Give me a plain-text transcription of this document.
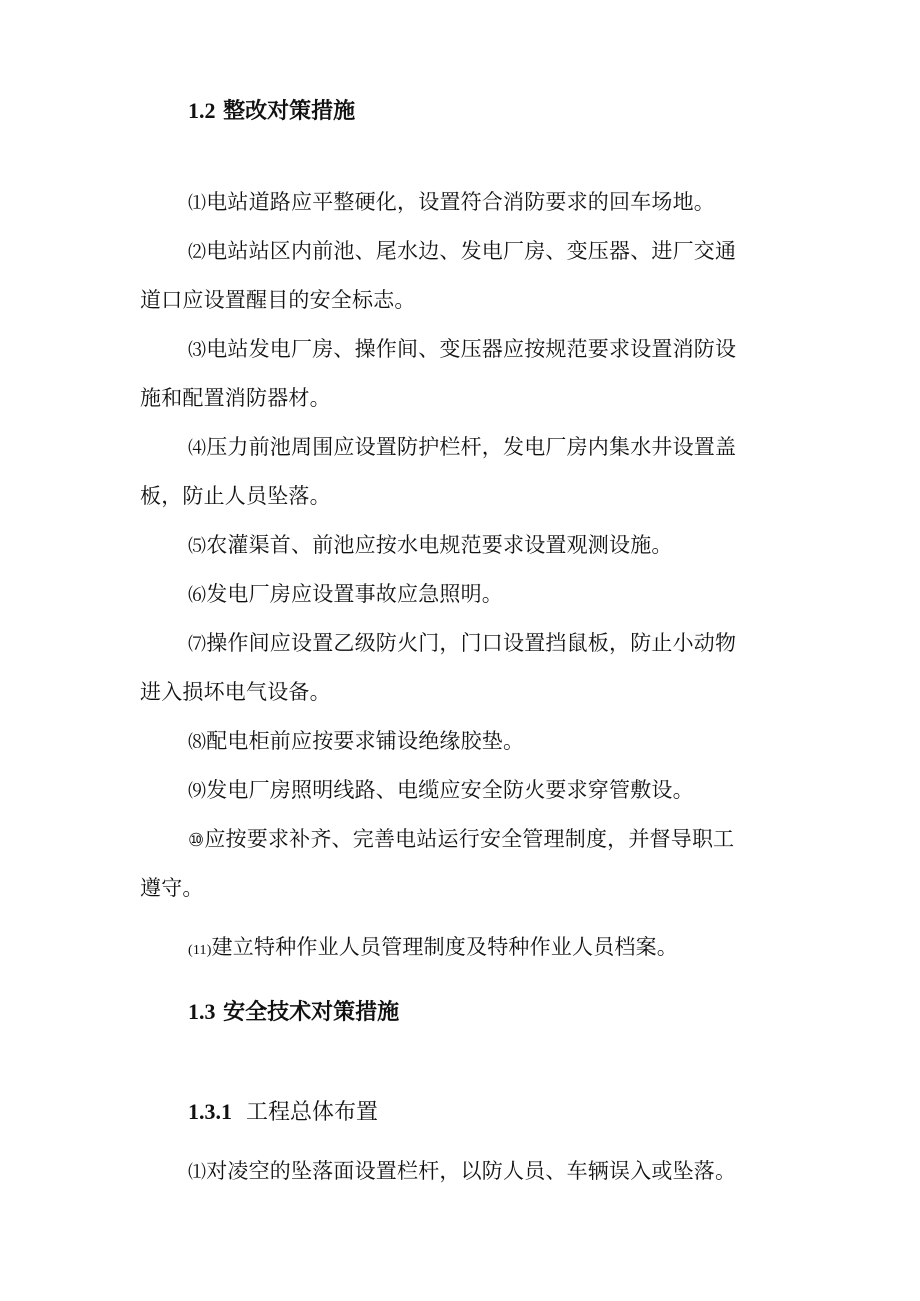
1.2 整改对策措施
⑴电站道路应平整硬化，设置符合消防要求的回车场地。
⑵电站站区内前池、尾水边、发电厂房、变压器、进厂交通
道口应设置醒目的安全标志。
⑶电站发电厂房、操作间、变压器应按规范要求设置消防设
施和配置消防器材。
⑷压力前池周围应设置防护栏杆，发电厂房内集水井设置盖
板，防止人员坠落。
⑸农灌渠首、前池应按水电规范要求设置观测设施。
⑹发电厂房应设置事故应急照明。
⑺操作间应设置乙级防火门，门口设置挡鼠板，防止小动物
进入损坏电气设备。
⑻配电柜前应按要求铺设绝缘胶垫。
⑼发电厂房照明线路、电缆应安全防火要求穿管敷设。
⑩应按要求补齐、完善电站运行安全管理制度，并督导职工
遵守。
(11)建立特种作业人员管理制度及特种作业人员档案。
1.3 安全技术对策措施
1.3.1 工程总体布置
⑴对凌空的坠落面设置栏杆，以防人员、车辆误入或坠落。
